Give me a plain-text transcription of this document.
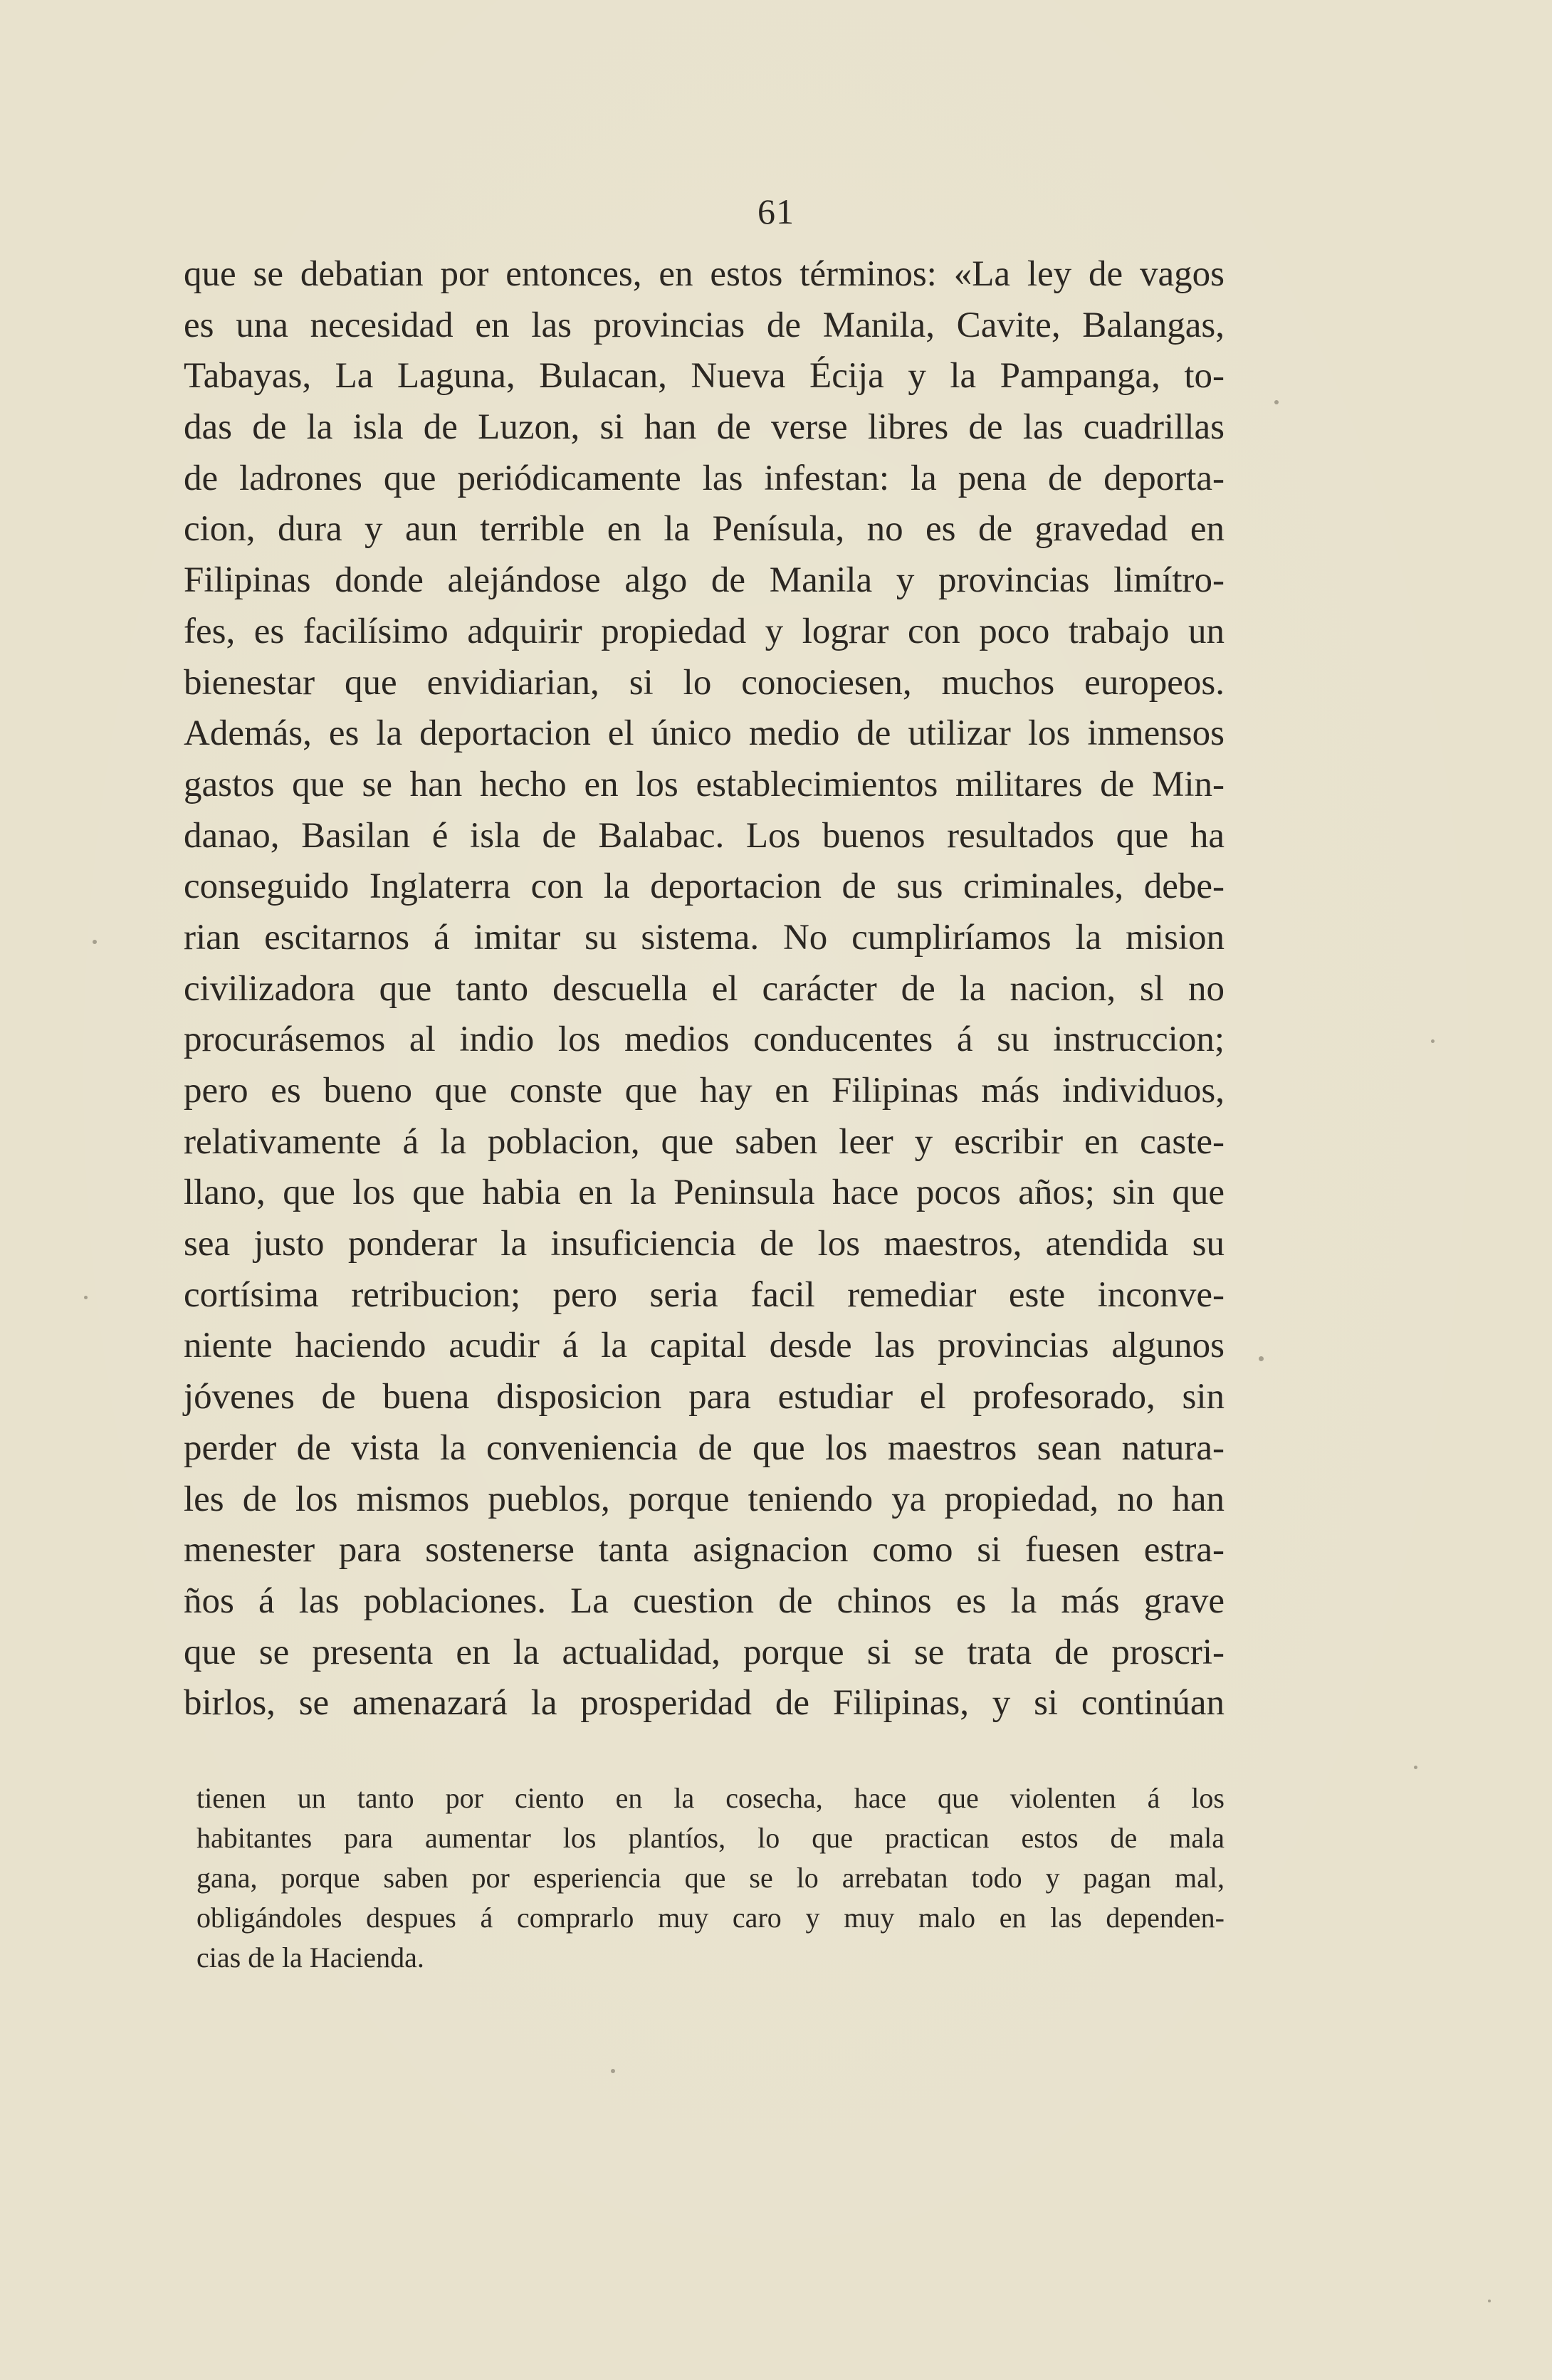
61
que se debatian por entonces, en estos términos: «La ley de vagos
es una necesidad en las provincias de Manila, Cavite, Balangas,
Tabayas, La Laguna, Bulacan, Nueva Écija y la Pampanga, to-
das de la isla de Luzon, si han de verse libres de las cuadrillas
de ladrones que periódicamente las infestan: la pena de deporta-
cion, dura y aun terrible en la Penísula, no es de gravedad en
Filipinas donde alejándose algo de Manila y provincias limítro-
fes, es facilísimo adquirir propiedad y lograr con poco trabajo un
bienestar que envidiarian, si lo conociesen, muchos europeos.
Además, es la deportacion el único medio de utilizar los inmensos
gastos que se han hecho en los establecimientos militares de Min-
danao, Basilan é isla de Balabac. Los buenos resultados que ha
conseguido Inglaterra con la deportacion de sus criminales, debe-
rian escitarnos á imitar su sistema. No cumpliríamos la mision
civilizadora que tanto descuella el carácter de la nacion, sl no
procurásemos al indio los medios conducentes á su instruccion;
pero es bueno que conste que hay en Filipinas más individuos,
relativamente á la poblacion, que saben leer y escribir en caste-
llano, que los que habia en la Peninsula hace pocos años; sin que
sea justo ponderar la insuficiencia de los maestros, atendida su
cortísima retribucion; pero seria facil remediar este inconve-
niente haciendo acudir á la capital desde las provincias algunos
jóvenes de buena disposicion para estudiar el profesorado, sin
perder de vista la conveniencia de que los maestros sean natura-
les de los mismos pueblos, porque teniendo ya propiedad, no han
menester para sostenerse tanta asignacion como si fuesen estra-
ños á las poblaciones. La cuestion de chinos es la más grave
que se presenta en la actualidad, porque si se trata de proscri-
birlos, se amenazará la prosperidad de Filipinas, y si continúan
tienen un tanto por ciento en la cosecha, hace que violenten á los
habitantes para aumentar los plantíos, lo que practican estos de mala
gana, porque saben por esperiencia que se lo arrebatan todo y pagan mal,
obligándoles despues á comprarlo muy caro y muy malo en las dependen-
cias de la Hacienda.
